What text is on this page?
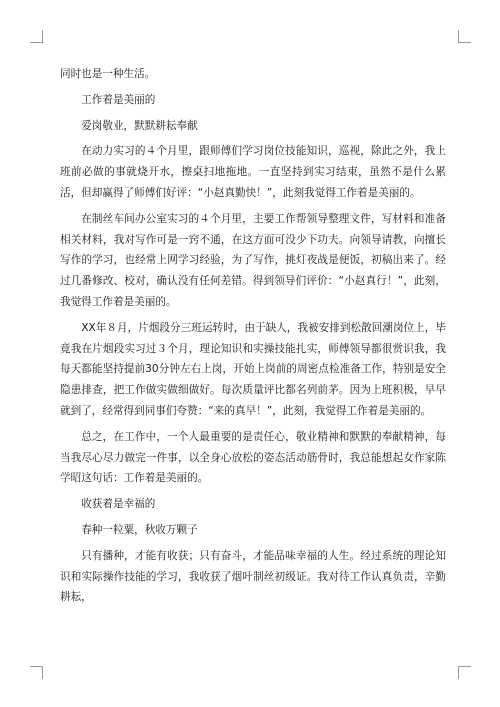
同时也是一种生活。

工作着是美丽的

爱岗敬业，默默耕耘奉献

在动力实习的４个月里，跟师傅们学习岗位技能知识，巡视，除此之外，我上班前必做的事就烧开水，擦桌扫地拖地。一直坚持到实习结束，虽然不是什么累活，但却赢得了师傅们好评：“小赵真勤快！”，此刻我觉得工作着是美丽的。

在制丝车间办公室实习的４个月里，主要工作帮领导整理文件，写材料和准备相关材料，我对写作可是一窍不通，在这方面可没少下功夫。向领导请教，向擅长写作的学习，也经常上网学习经验，为了写作，挑灯夜战是便饭，初稿出来了。经过几番修改、校对，确认没有任何差错。得到领导们评价：“小赵真行！”，此刻，我觉得工作着是美丽的。

XX年８月，片烟段分三班运转时，由于缺人，我被安排到松散回潮岗位上，毕竟我在片烟段实习过３个月，理论知识和实操技能扎实，师傅领导都很赏识我，我每天都能坚持提前30分钟左右上岗，开始上岗前的周密点检准备工作，特别是安全隐患排查，把工作做实做细做好。每次质量评比都名列前茅。因为上班积极，早早就到了，经常得到同事们夸赞：“来的真早！”，此刻，我觉得工作着是美丽的。

总之，在工作中，一个人最重要的是责任心，敬业精神和默默的奉献精神，每当我尽心尽力做完一件事，以全身心放松的姿态活动筋骨时，我总能想起女作家陈学昭这句话：工作着是美丽的。

收获着是幸福的

春种一粒粟，秋收万颗子

只有播种，才能有收获；只有奋斗，才能品味幸福的人生。经过系统的理论知识和实际操作技能的学习，我收获了烟叶制丝初级证。我对待工作认真负责，辛勤耕耘，
